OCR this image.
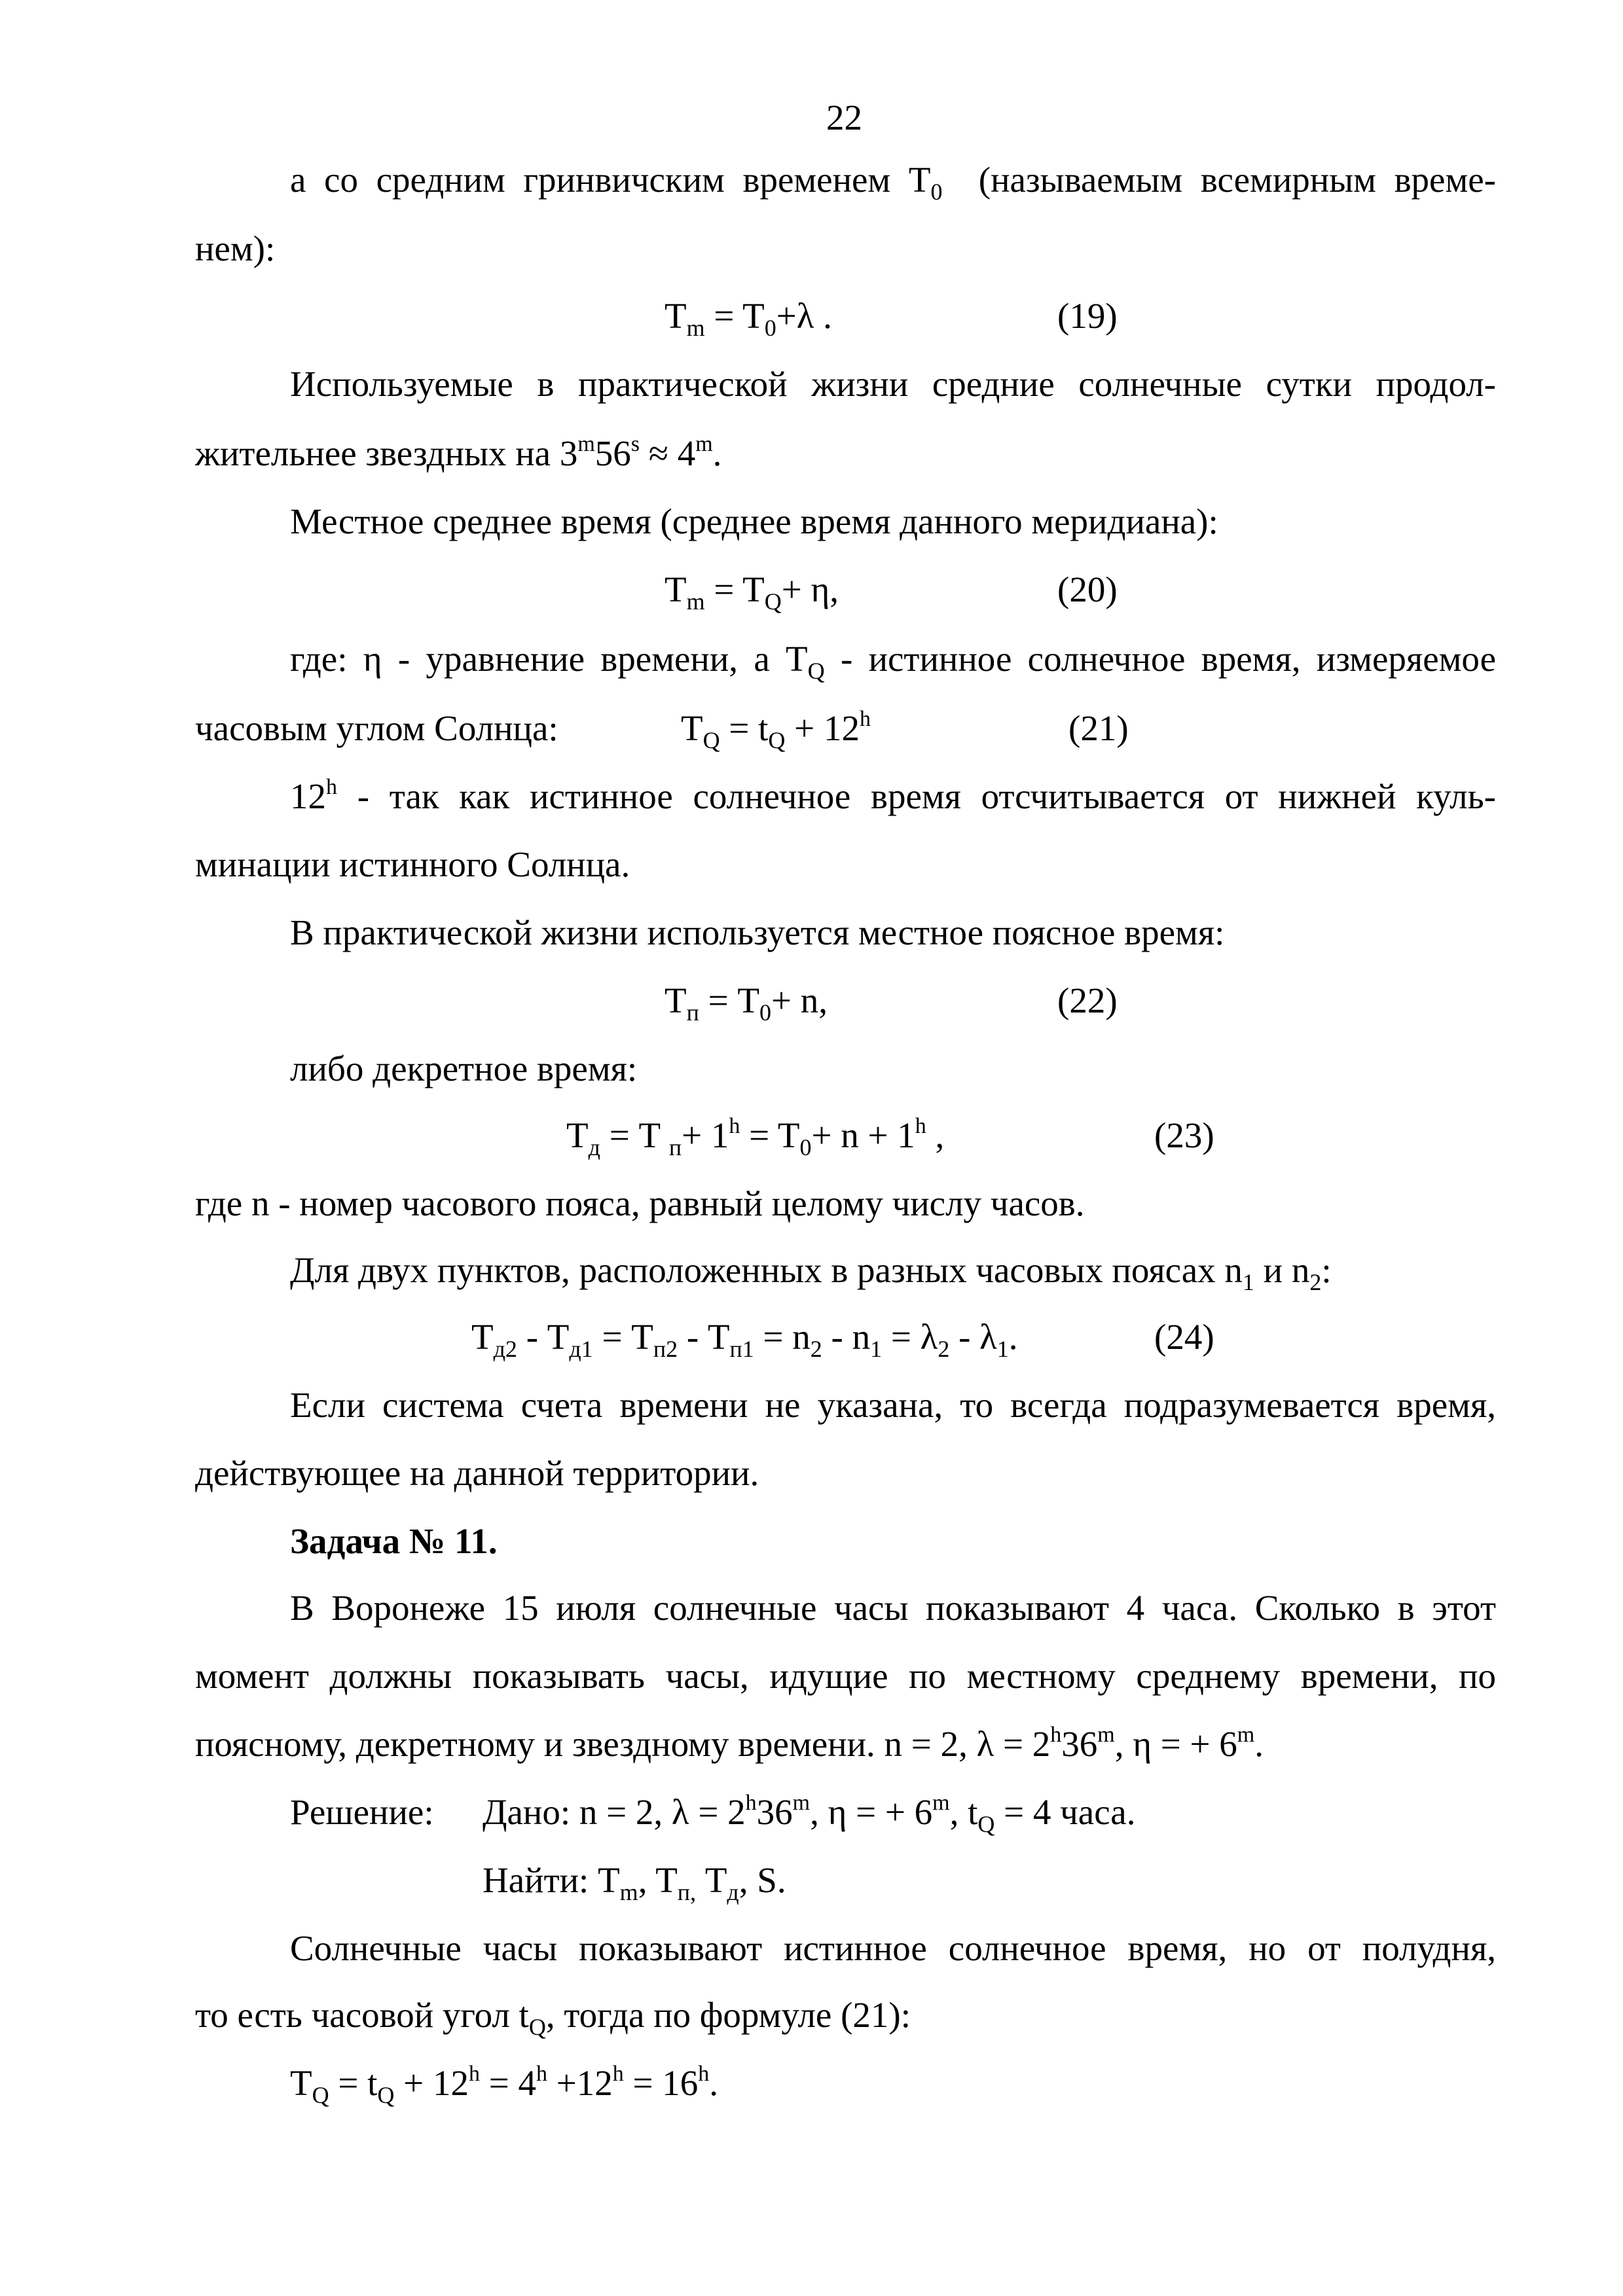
22
а со средним гринвичским временем $T_0$ (называемым всемирным време-
нем):
$T_m = T_0+\lambda$ .	(19)
Используемые в практической жизни средние солнечные сутки продол-
жительнее звездных на $3^m56^s \approx 4^m$.
Местное среднее время (среднее время данного меридиана):
$T_m = T_Q+ \eta$,	(20)
где: η - уравнение времени, а $T_Q$ - истинное солнечное время, измеряемое
часовым углом Солнца:	$T_Q = t_Q + 12^h$	(21)
12$^h$ - так как истинное солнечное время отсчитывается от нижней куль-
минации истинного Солнца.
В практической жизни используется местное поясное время:
$T_п = T_0+ n$,	(22)
либо декретное время:
$T_д = T$ $_п+ 1^h = T_0+ n + 1^h$ ,	(23)
где n - номер часового пояса, равный целому числу часов.
Для двух пунктов, расположенных в разных часовых поясах $n_1$ и $n_2$:
$T_{д2} - T_{д1} = T_{п2} - T_{п1} = n_2 - n_1 = \lambda_2 - \lambda_1$.	(24)
Если система счета времени не указана, то всегда подразумевается время,
действующее на данной территории.
Задача № 11.
В Воронеже 15 июля солнечные часы показывают 4 часа. Сколько в этот
момент должны показывать часы, идущие по местному среднему времени, по
поясному, декретному и звездному времени. n = 2, $\lambda = 2^h36^m$, η = + $6^m$.
Решение: Дано: n = 2, $\lambda = 2^h36^m$, η = + $6^m$, $t_Q = 4$ часа.
Найти: $T_m$, $T_{п,}$ $T_д$, S.
Солнечные часы показывают истинное солнечное время, но от полудня,
то есть часовой угол $t_Q$, тогда по формуле (21):
$T_Q = t_Q + 12^h = 4^h +12^h = 16^h$.
